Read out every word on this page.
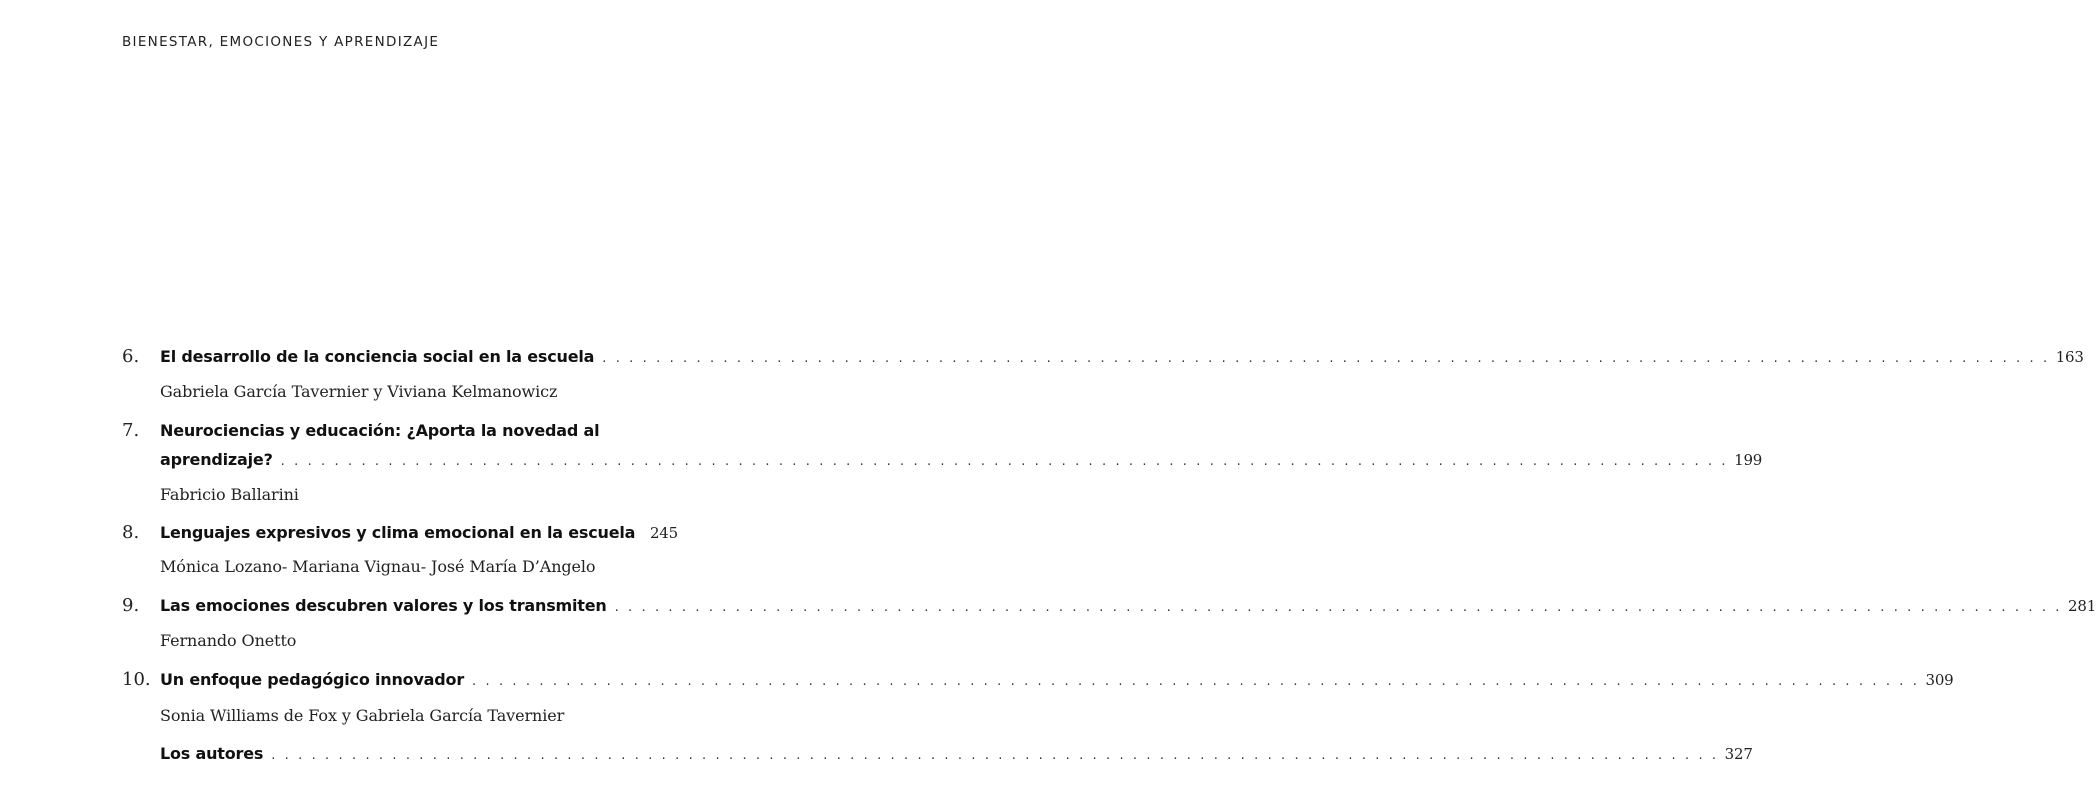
BIENESTAR, EMOCIONES Y APRENDIZAJE
6. El desarrollo de la conciencia social en la escuela . . . . . . . . . . . . . . . . . . . . . . . . . . . . . . . . . . . . . . . . . . . . . . . . . . . . . . . . . . . . . . . . . . . . . . . . . . . . . . . . . . . . . . . . . . . . . . . . . . . . . . . . . . . . 163
Gabriela García Tavernier y Viviana Kelmanowicz
7. Neurociencias y educación: ¿Aporta la novedad al
aprendizaje? . . . . . . . . . . . . . . . . . . . . . . . . . . . . . . . . . . . . . . . . . . . . . . . . . . . . . . . . . . . . . . . . . . . . . . . . . . . . . . . . . . . . . . . . . . . . . . . . . . . . . . . . . . . . 199
Fabricio Ballarini
8. Lenguajes expresivos y clima emocional en la escuela 245
Mónica Lozano- Mariana Vignau- José María D’Angelo
9. Las emociones descubren valores y los transmiten . . . . . . . . . . . . . . . . . . . . . . . . . . . . . . . . . . . . . . . . . . . . . . . . . . . . . . . . . . . . . . . . . . . . . . . . . . . . . . . . . . . . . . . . . . . . . . . . . . . . . . . . . . . . 281
Fernando Onetto
10. Un enfoque pedagógico innovador . . . . . . . . . . . . . . . . . . . . . . . . . . . . . . . . . . . . . . . . . . . . . . . . . . . . . . . . . . . . . . . . . . . . . . . . . . . . . . . . . . . . . . . . . . . . . . . . . . . . . . . . . . . . 309
Sonia Williams de Fox y Gabriela García Tavernier
Los autores . . . . . . . . . . . . . . . . . . . . . . . . . . . . . . . . . . . . . . . . . . . . . . . . . . . . . . . . . . . . . . . . . . . . . . . . . . . . . . . . . . . . . . . . . . . . . . . . . . . . . . . . . . . . 327
